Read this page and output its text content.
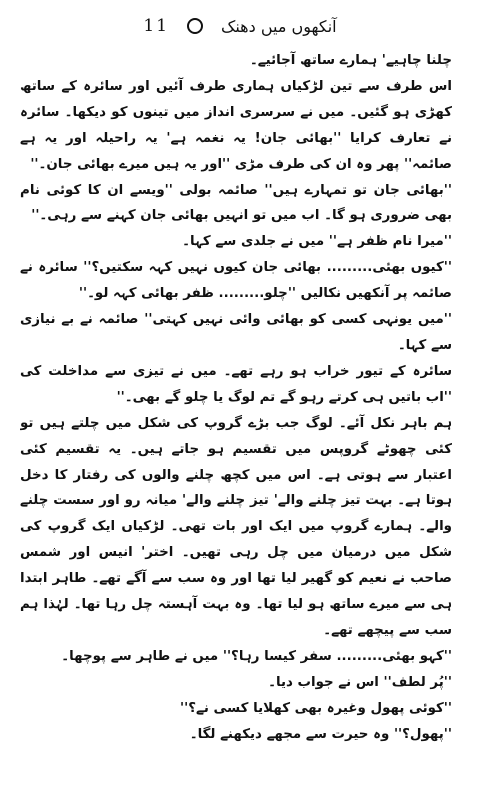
11	آنکھوں میں دھنک

چلنا چاہیے' ہمارے ساتھ آجائیے۔

اس طرف سے تین لڑکیاں ہماری طرف آئیں اور سائرہ کے ساتھ کھڑی ہو گئیں۔ میں نے سرسری انداز میں تینوں کو دیکھا۔ سائرہ نے تعارف کرایا ''بھائی جان! یہ نغمہ ہے' یہ راحیلہ اور یہ ہے صائمہ'' پھر وہ ان کی طرف مڑی ''اور یہ ہیں میرے بھائی جان۔''

''بھائی جان تو تمہارے ہیں'' صائمہ بولی ''ویسے ان کا کوئی نام بھی ضروری ہو گا۔ اب میں تو انہیں بھائی جان کہنے سے رہی۔''

''میرا نام ظفر ہے'' میں نے جلدی سے کہا۔

''کیوں بھئی......... بھائی جان کیوں نہیں کہہ سکتیں؟'' سائرہ نے صائمہ پر آنکھیں نکالیں ''چلو......... ظفر بھائی کہہ لو۔''

''میں یونہی کسی کو بھائی وائی نہیں کہتی'' صائمہ نے بے نیازی سے کہا۔

سائرہ کے تیور خراب ہو رہے تھے۔ میں نے تیزی سے مداخلت کی ''اب باتیں ہی کرتے رہو گے تم لوگ یا چلو گے بھی۔''

ہم باہر نکل آئے۔ لوگ جب بڑے گروپ کی شکل میں چلتے ہیں تو کئی چھوٹے گروپس میں تقسیم ہو جاتے ہیں۔ یہ تقسیم کئی اعتبار سے ہوتی ہے۔ اس میں کچھ چلنے والوں کی رفتار کا دخل ہوتا ہے۔ بہت تیز چلنے والے' تیز چلنے والے' میانہ رو اور سست چلنے والے۔ ہمارے گروپ میں ایک اور بات تھی۔ لڑکیاں ایک گروپ کی شکل میں درمیان میں چل رہی تھیں۔ اختر' انیس اور شمس صاحب نے نعیم کو گھیر لیا تھا اور وہ سب سے آگے تھے۔ طاہر ابتدا ہی سے میرے ساتھ ہو لیا تھا۔ وہ بہت آہستہ چل رہا تھا۔ لہٰذا ہم سب سے پیچھے تھے۔

''کہو بھئی......... سفر کیسا رہا؟'' میں نے طاہر سے پوچھا۔

''پُر لطف'' اس نے جواب دیا۔

''کوئی پھول وغیرہ بھی کھلایا کسی نے؟''

''پھول؟'' وہ حیرت سے مجھے دیکھنے لگا۔
